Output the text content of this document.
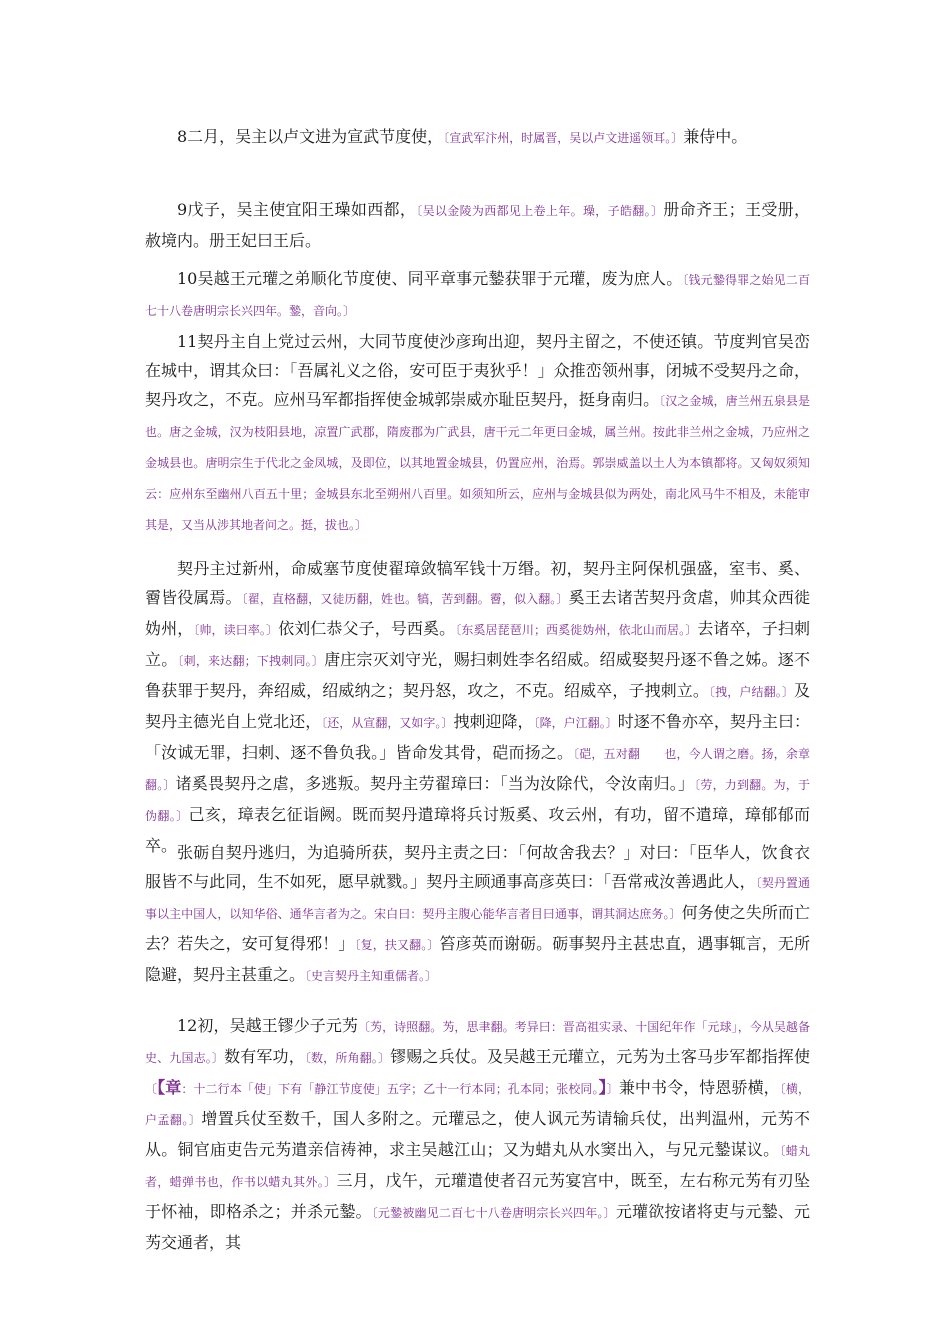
8二月，吴主以卢文进为宣武节度使，〔宣武军汴州，时属晋，吴以卢文进遥领耳。〕兼侍中。

9戊子，吴主使宜阳王璪如西都，〔吴以金陵为西都见上卷上年。璪，子皓翻。〕册命齐王；王受册，赦境内。册王妃曰王后。

10吴越王元瓘之弟顺化节度使、同平章事元䥍获罪于元瓘，废为庶人。〔钱元䥍得罪之始见二百七十八卷唐明宗长兴四年。䥍，音向。〕

11契丹主自上党过云州，大同节度使沙彦珣出迎，契丹主留之，不使还镇。节度判官吴峦在城中，谓其众曰：「吾属礼义之俗，安可臣于夷狄乎！」众推峦领州事，闭城不受契丹之命，契丹攻之，不克。应州马军都指挥使金城郭崇威亦耻臣契丹，挺身南归。〔汉之金城，唐兰州五泉县是也。唐之金城，汉为枝阳县地，凉置广武郡，隋废郡为广武县，唐干元二年更曰金城，属兰州。按此非兰州之金城，乃应州之金城县也。唐明宗生于代北之金凤城，及即位，以其地置金城县，仍置应州，治焉。郭崇威盖以土人为本镇都将。又匈奴须知云：应州东至幽州八百五十里；金城县东北至朔州八百里。如须知所云，应州与金城县似为两处，南北风马牛不相及，未能审其是，又当从涉其地者问之。挺，拔也。〕

契丹主过新州，命威塞节度使翟璋敛犒军钱十万缗。初，契丹主阿保机强盛，室韦、奚、霫皆役属焉。〔翟，直格翻，又徒历翻，姓也。犒，苦到翻。霫，似入翻。〕奚王去诸苦契丹贪虐，帅其众西徙妫州，〔帅，读曰率。〕依刘仁恭父子，号西奚。〔东奚居琵琶川；西奚徙妫州，依北山而居。〕去诸卒，子扫刺立。〔刺，来达翻；下拽刺同。〕唐庄宗灭刘守光，赐扫刺姓李名绍威。绍威娶契丹逐不鲁之姊。逐不鲁获罪于契丹，奔绍威，绍威纳之；契丹怒，攻之，不克。绍威卒，子拽刺立。〔拽，户结翻。〕及契丹主德光自上党北还，〔还，从宣翻，又如字。〕拽刺迎降，〔降，户江翻。〕时逐不鲁亦卒，契丹主曰：「汝诚无罪，扫刺、逐不鲁负我。」皆命发其骨，硙而扬之。〔硙，五对翻　　也，今人谓之磨。扬，余章翻。〕诸奚畏契丹之虐，多逃叛。契丹主劳翟璋曰：「当为汝除代，令汝南归。」〔劳，力到翻。为，于伪翻。〕己亥，璋表乞征诣阙。既而契丹遣璋将兵讨叛奚、攻云州，有功，留不遣璋，璋郁郁而卒。 张砺自契丹逃归，为追骑所获，契丹主责之曰：「何故舍我去？」对曰：「臣华人，饮食衣服皆不与此同，生不如死，愿早就戮。」契丹主顾通事高彦英曰：「吾常戒汝善遇此人，〔契丹置通事以主中国人，以知华俗、通华言者为之。宋白曰：契丹主腹心能华言者目曰通事，谓其洞达庶务。〕何务使之失所而亡去？若失之，安可复得邪！」〔复，扶又翻。〕笞彦英而谢砺。砺事契丹主甚忠直，遇事辄言，无所隐避，契丹主甚重之。〔史言契丹主知重儒者。〕

12初，吴越王镠少子元𫇭〔𫇭，诗照翻。𫇭，思聿翻。考异曰：晋高祖实录、十国纪年作「元球」，今从吴越备史、九国志。〕数有军功，〔数，所角翻。〕镠赐之兵仗。及吴越王元瓘立，元𫇭为土客马步军都指挥使〔【章：十二行本「使」下有「静江节度使」五字；乙十一行本同；孔本同；张校同。】〕兼中书令，恃恩骄横，〔横，户孟翻。〕增置兵仗至数千，国人多附之。元瓘忌之，使人讽元𫇭请输兵仗，出判温州，元𫇭不从。铜官庙吏告元𫇭遣亲信祷神，求主吴越江山；又为蜡丸从水窦出入，与兄元䥍谋议。〔蜡丸者，蜡弹书也，作书以蜡丸其外。〕三月，戊午，元瓘遣使者召元𫇭宴宫中，既至，左右称元𫇭有刃坠于怀袖，即格杀之；并杀元䥍。〔元䥍被幽见二百七十八卷唐明宗长兴四年。〕元瓘欲按诸将吏与元䥍、元𫇭交通者，其
